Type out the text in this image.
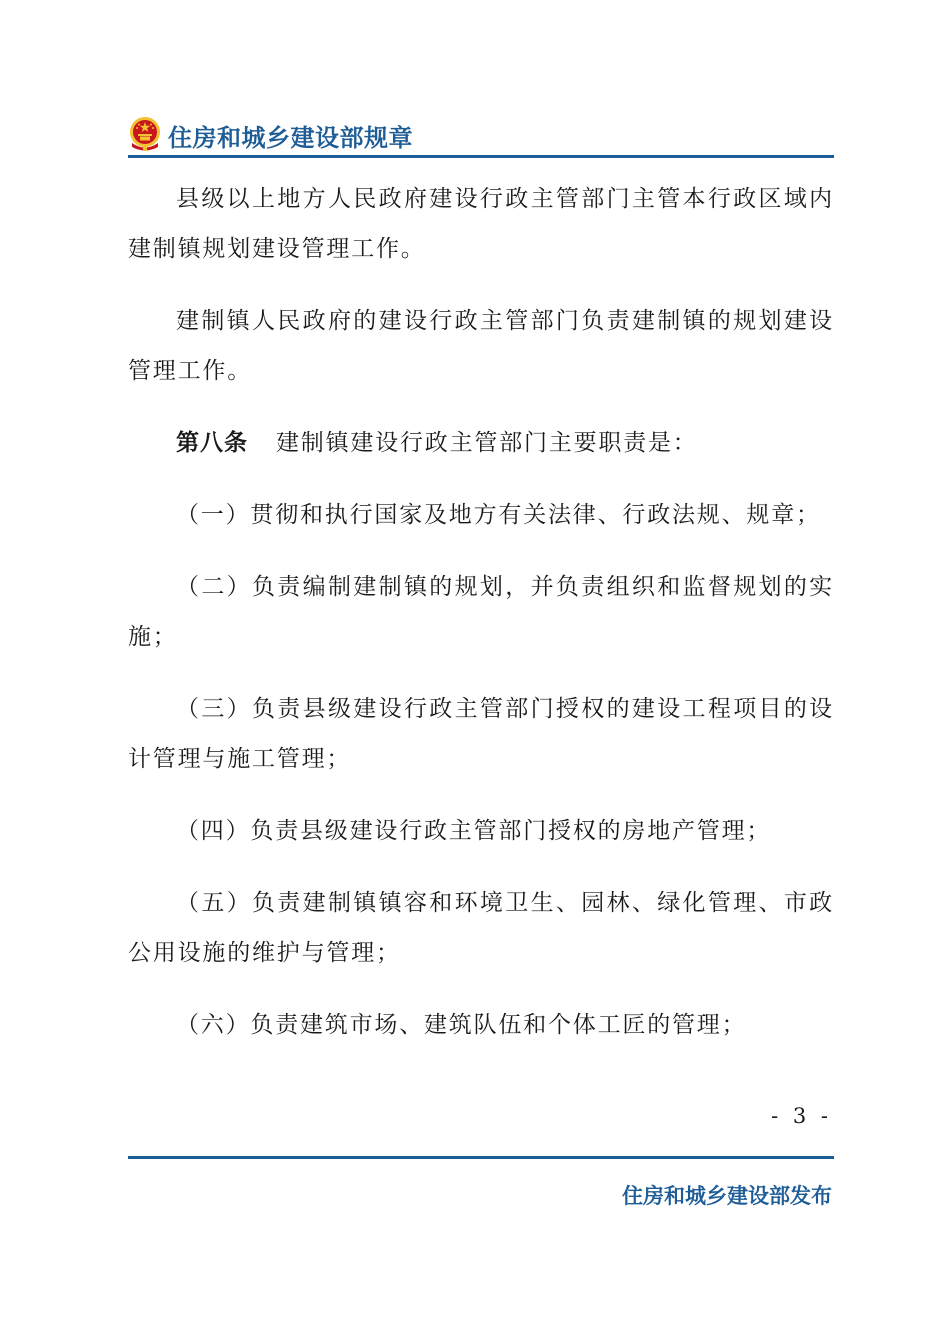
住房和城乡建设部规章

县级以上地方人民政府建设行政主管部门主管本行政区域内建制镇规划建设管理工作。

建制镇人民政府的建设行政主管部门负责建制镇的规划建设管理工作。

第八条 建制镇建设行政主管部门主要职责是：

（一）贯彻和执行国家及地方有关法律、行政法规、规章；

（二）负责编制建制镇的规划，并负责组织和监督规划的实施；

（三）负责县级建设行政主管部门授权的建设工程项目的设计管理与施工管理；

（四）负责县级建设行政主管部门授权的房地产管理；

（五）负责建制镇镇容和环境卫生、园林、绿化管理、市政公用设施的维护与管理；

（六）负责建筑市场、建筑队伍和个体工匠的管理；

- 3 -
住房和城乡建设部发布
